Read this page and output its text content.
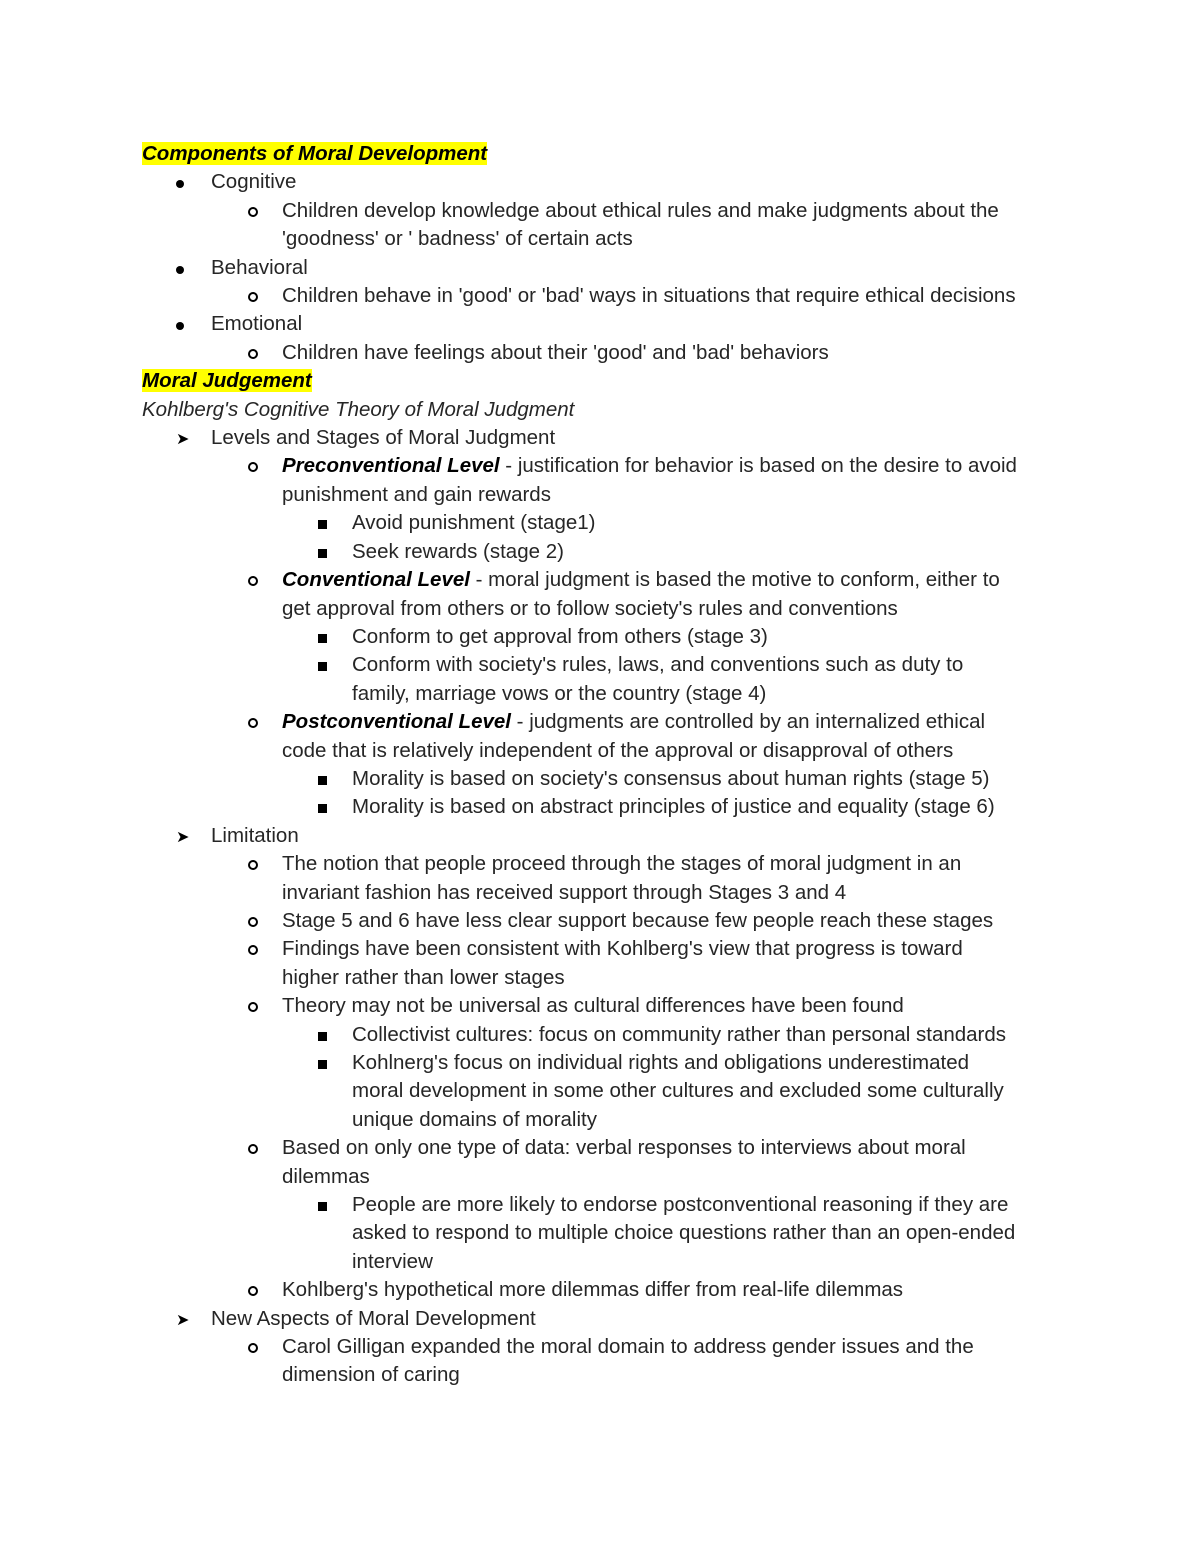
Components of Moral Development
Cognitive
Children develop knowledge about ethical rules and make judgments about the
'goodness' or ' badness' of certain acts
Behavioral
Children behave in 'good' or 'bad' ways in situations that require ethical decisions
Emotional
Children have feelings about their 'good' and 'bad' behaviors
Moral Judgement
Kohlberg's Cognitive Theory of Moral Judgment
➤ Levels and Stages of Moral Judgment
Preconventional Level - justification for behavior is based on the desire to avoid
punishment and gain rewards
Avoid punishment (stage1)
Seek rewards (stage 2)
Conventional Level - moral judgment is based the motive to conform, either to
get approval from others or to follow society's rules and conventions
Conform to get approval from others (stage 3)
Conform with society's rules, laws, and conventions such as duty to
family, marriage vows or the country (stage 4)
Postconventional Level - judgments are controlled by an internalized ethical
code that is relatively independent of the approval or disapproval of others
Morality is based on society's consensus about human rights (stage 5)
Morality is based on abstract principles of justice and equality (stage 6)
➤ Limitation
The notion that people proceed through the stages of moral judgment in an
invariant fashion has received support through Stages 3 and 4
Stage 5 and 6 have less clear support because few people reach these stages
Findings have been consistent with Kohlberg's view that progress is toward
higher rather than lower stages
Theory may not be universal as cultural differences have been found
Collectivist cultures: focus on community rather than personal standards
Kohlnerg's focus on individual rights and obligations underestimated
moral development in some other cultures and excluded some culturally
unique domains of morality
Based on only one type of data: verbal responses to interviews about moral
dilemmas
People are more likely to endorse postconventional reasoning if they are
asked to respond to multiple choice questions rather than an open-ended
interview
Kohlberg's hypothetical more dilemmas differ from real-life dilemmas
➤ New Aspects of Moral Development
Carol Gilligan expanded the moral domain to address gender issues and the
dimension of caring
